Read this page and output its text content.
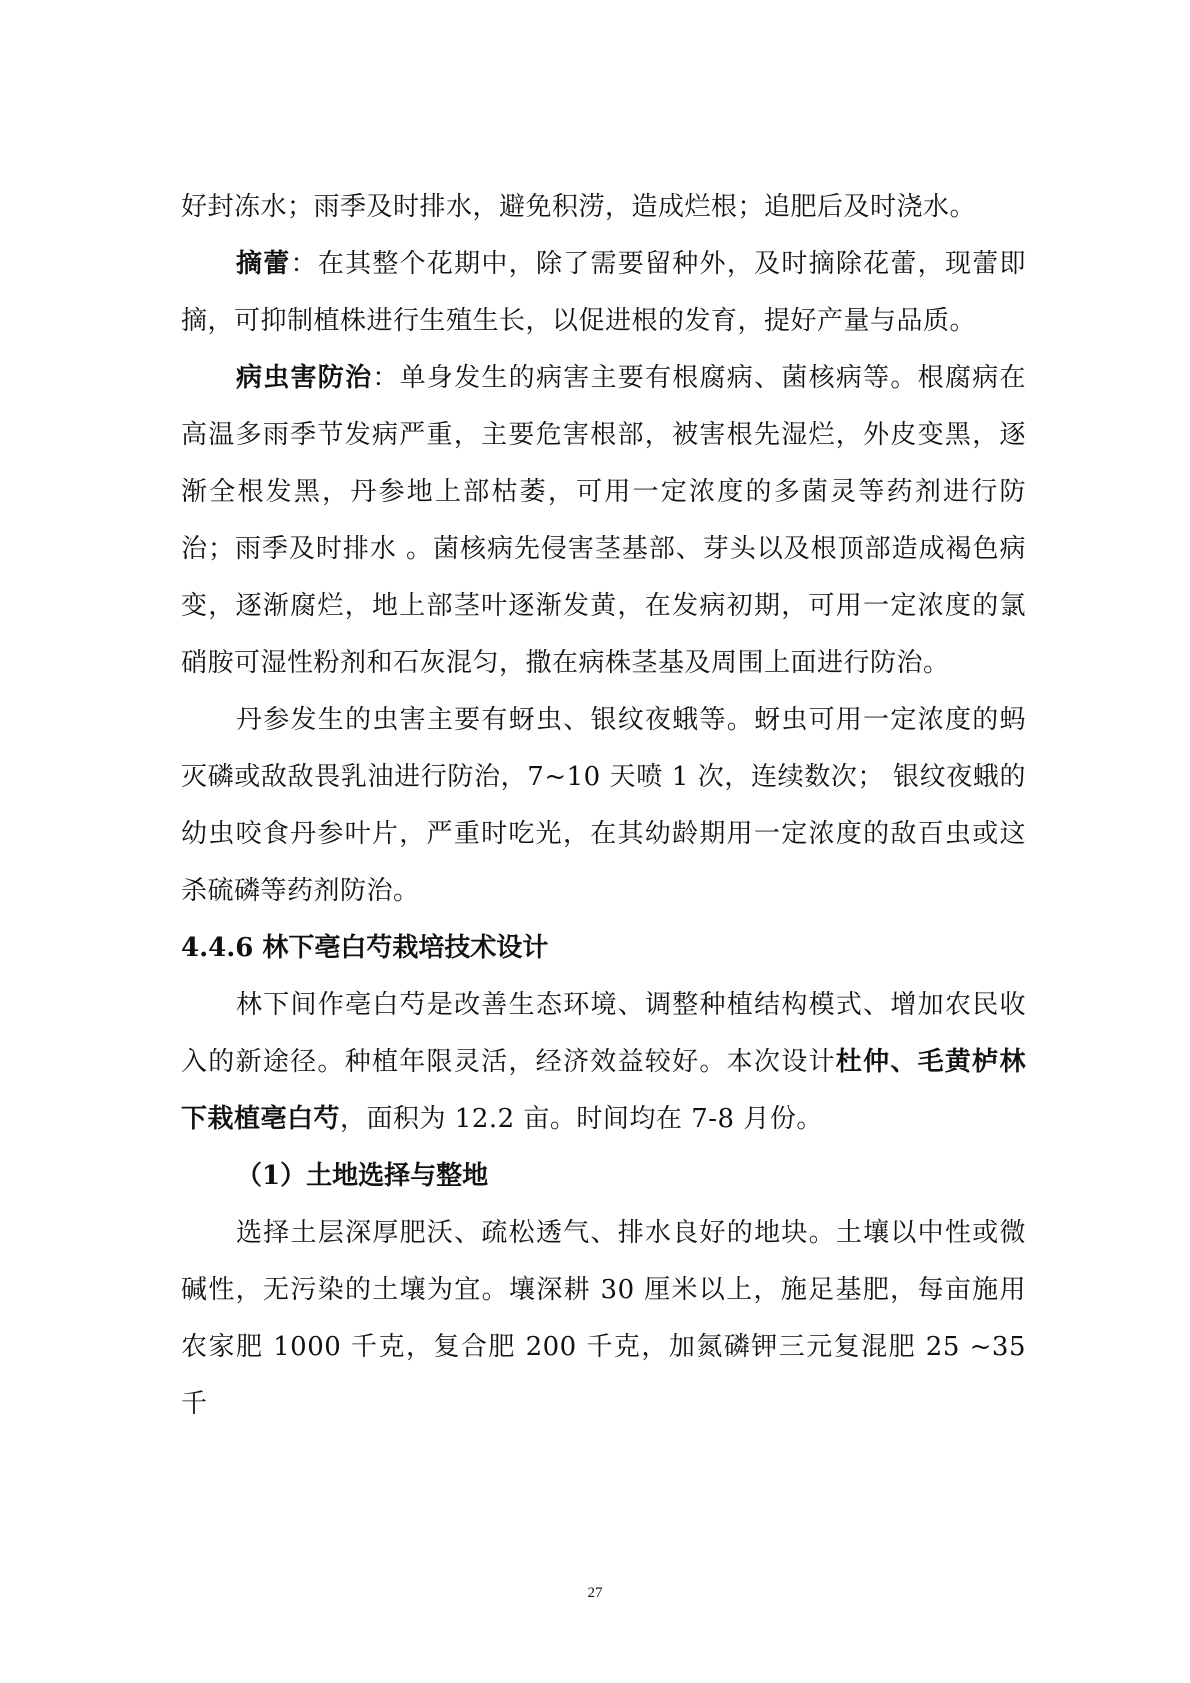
好封冻水；雨季及时排水，避免积涝，造成烂根；追肥后及时浇水。

摘蕾：在其整个花期中，除了需要留种外，及时摘除花蕾，现蕾即摘，可抑制植株进行生殖生长，以促进根的发育，提好产量与品质。

病虫害防治：单身发生的病害主要有根腐病、菌核病等。根腐病在高温多雨季节发病严重，主要危害根部，被害根先湿烂，外皮变黑，逐渐全根发黑，丹参地上部枯萎，可用一定浓度的多菌灵等药剂进行防治；雨季及时排水 。菌核病先侵害茎基部、芽头以及根顶部造成褐色病变，逐渐腐烂，地上部茎叶逐渐发黄，在发病初期，可用一定浓度的氯硝胺可湿性粉剂和石灰混匀，撒在病株茎基及周围上面进行防治。

丹参发生的虫害主要有蚜虫、银纹夜蛾等。蚜虫可用一定浓度的蚂灭磷或敌敌畏乳油进行防治，7~10 天喷 1 次，连续数次； 银纹夜蛾的幼虫咬食丹参叶片，严重时吃光，在其幼龄期用一定浓度的敌百虫或这杀硫磷等药剂防治。

4.4.6 林下亳白芍栽培技术设计

林下间作亳白芍是改善生态环境、调整种植结构模式、增加农民收入的新途径。种植年限灵活，经济效益较好。本次设计杜仲、毛黄栌林下栽植亳白芍，面积为 12.2 亩。时间均在 7-8 月份。

（1）土地选择与整地

选择土层深厚肥沃、疏松透气、排水良好的地块。土壤以中性或微碱性，无污染的土壤为宜。壤深耕 30 厘米以上，施足基肥，每亩施用农家肥 1000 千克，复合肥 200 千克，加氮磷钾三元复混肥 25 ~35 千

27
